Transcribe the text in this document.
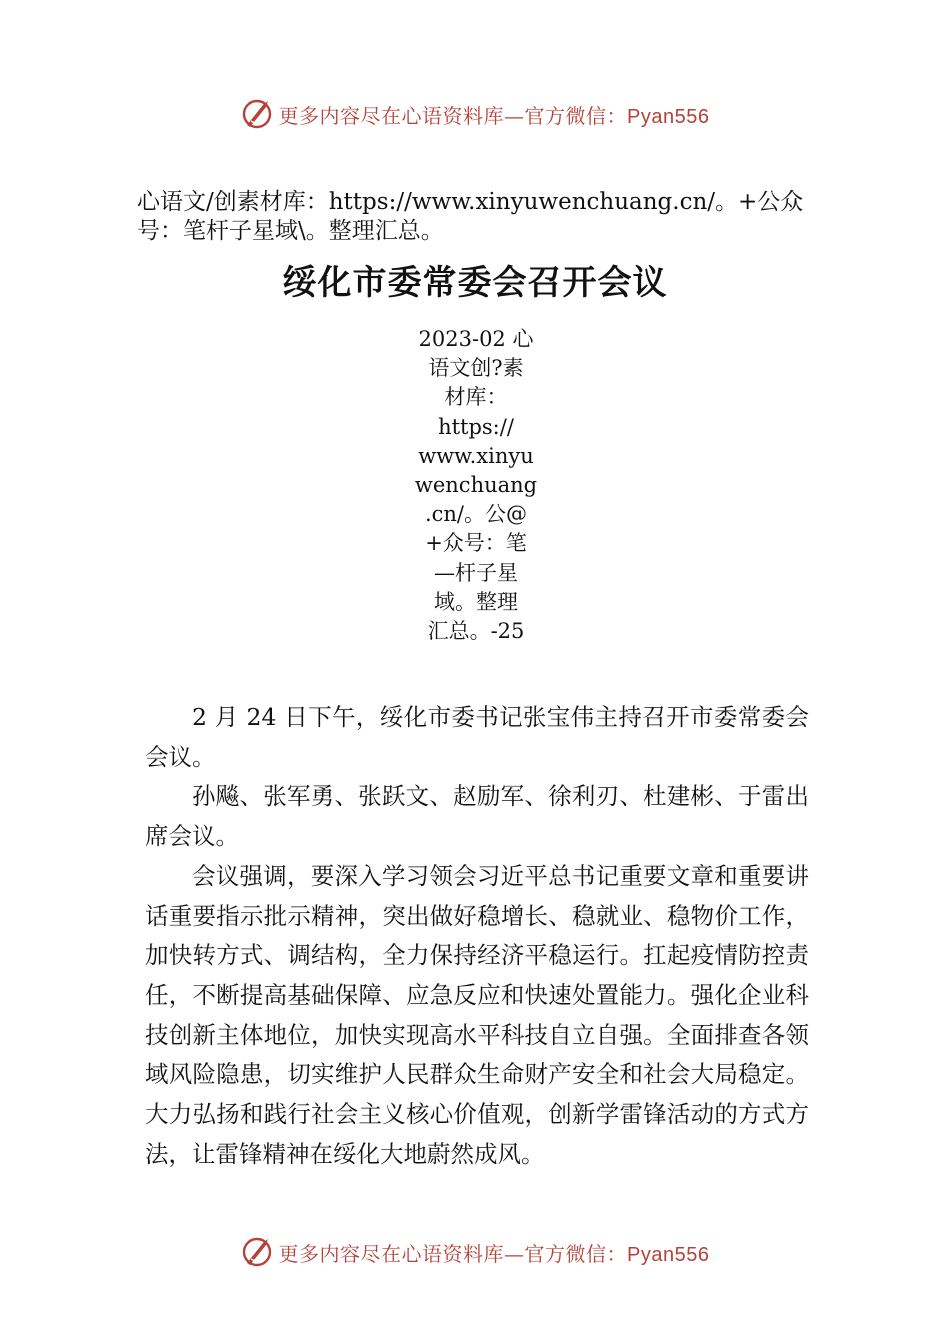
更多内容尽在心语资料库—官方微信：Pyan556
心语文/创素材库：https://www.xinyuwenchuang.cn/。+公众号：笔杆子星域\。整理汇总。
绥化市委常委会召开会议
2023-02 心
语文创?素
材库：
https://
www.xinyu
wenchuang
.cn/。公@
+众号：笔
—杆子星
域。整理
汇总。-25

2 月 24 日下午，绥化市委书记张宝伟主持召开市委常委会会议。

孙飚、张军勇、张跃文、赵励军、徐利刃、杜建彬、于雷出席会议。

会议强调，要深入学习领会习近平总书记重要文章和重要讲话重要指示批示精神，突出做好稳增长、稳就业、稳物价工作，加快转方式、调结构，全力保持经济平稳运行。扛起疫情防控责任，不断提高基础保障、应急反应和快速处置能力。强化企业科技创新主体地位，加快实现高水平科技自立自强。全面排查各领域风险隐患，切实维护人民群众生命财产安全和社会大局稳定。大力弘扬和践行社会主义核心价值观，创新学雷锋活动的方式方法，让雷锋精神在绥化大地蔚然成风。

更多内容尽在心语资料库—官方微信：Pyan556
